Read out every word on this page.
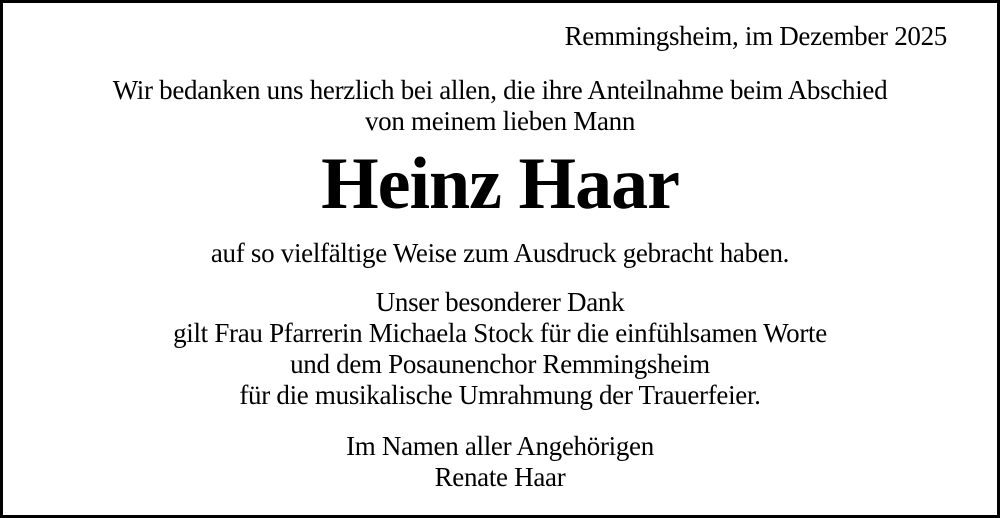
Remmingsheim, im Dezember 2025
Wir bedanken uns herzlich bei allen, die ihre Anteilnahme beim Abschied
von meinem lieben Mann
Heinz Haar
auf so vielfältige Weise zum Ausdruck gebracht haben.
Unser besonderer Dank
gilt Frau Pfarrerin Michaela Stock für die einfühlsamen Worte
und dem Posaunenchor Remmingsheim
für die musikalische Umrahmung der Trauerfeier.
Im Namen aller Angehörigen
Renate Haar
